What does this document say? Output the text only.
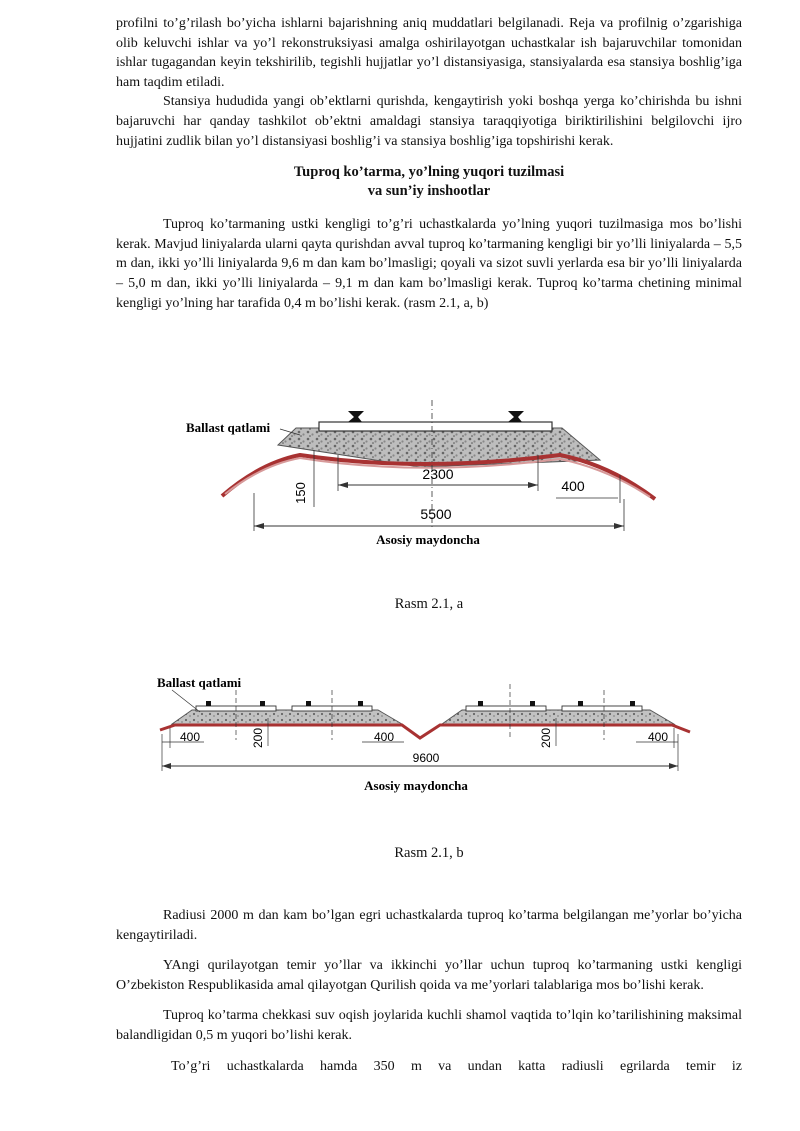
profilni to’g’rilash bo’yicha ishlarni bajarishning aniq muddatlari belgilanadi. Reja va profilnig o’zgarishiga olib keluvchi ishlar va yo’l rekonstruksiyasi amalga oshirilayotgan uchastkalar ish bajaruvchilar tomonidan ishlar tugagandan keyin tekshirilib, tegishli hujjatlar yo’l distansiyasiga, stansiyalarda esa stansiya boshlig’iga ham taqdim etiladi.

Stansiya hududida yangi ob’ektlarni qurishda, kengaytirish yoki boshqa yerga ko’chirishda bu ishni bajaruvchi har qanday tashkilot ob’ektni amaldagi stansiya taraqqiyotiga biriktirilishini belgilovchi ijro hujjatini zudlik bilan yo’l distansiyasi boshlig’i va stansiya boshlig’iga topshirishi kerak.

Tuproq ko’tarma, yo’lning yuqori tuzilmasi
va sun’iy inshootlar

Tuproq ko’tarmaning ustki kengligi to’g’ri uchastkalarda yo’lning yuqori tuzilmasiga mos bo’lishi kerak. Mavjud liniyalarda ularni qayta qurishdan avval tuproq ko’tarmaning kengligi bir yo’lli liniyalarda – 5,5 m dan, ikki yo’lli liniyalarda 9,6 m dan kam bo’lmasligi; qoyali va sizot suvli yerlarda esa bir yo’lli liniyalarda – 5,0 m dan, ikki yo’lli liniyalarda – 9,1 m dan kam bo’lmasligi kerak. Tuproq ko’tarma chetining minimal kengligi yo’lning har tarafida 0,4 m bo’lishi kerak. (rasm 2.1, a, b)

Ballast qatlami
2300
400
150
5500
Asosiy maydoncha
Rasm 2.1, a
Ballast qatlami
400	200	400	200	400
9600
Asosiy maydoncha
Rasm 2.1, b

Radiusi 2000 m dan kam bo’lgan egri uchastkalarda tuproq ko’tarma belgilangan me’yorlar bo’yicha kengaytiriladi.

YAngi qurilayotgan temir yo’llar va ikkinchi yo’llar uchun tuproq ko’tarmaning ustki kengligi O’zbekiston Respublikasida amal qilayotgan Qurilish qoida va me’yorlari talablariga mos bo’lishi kerak.

Tuproq ko’tarma chekkasi suv oqish joylarida kuchli shamol vaqtida to’lqin ko’tarilishining maksimal balandligidan 0,5 m yuqori bo’lishi kerak.

To’g’ri uchastkalarda hamda 350 m va undan katta radiusli egrilarda temir iz
